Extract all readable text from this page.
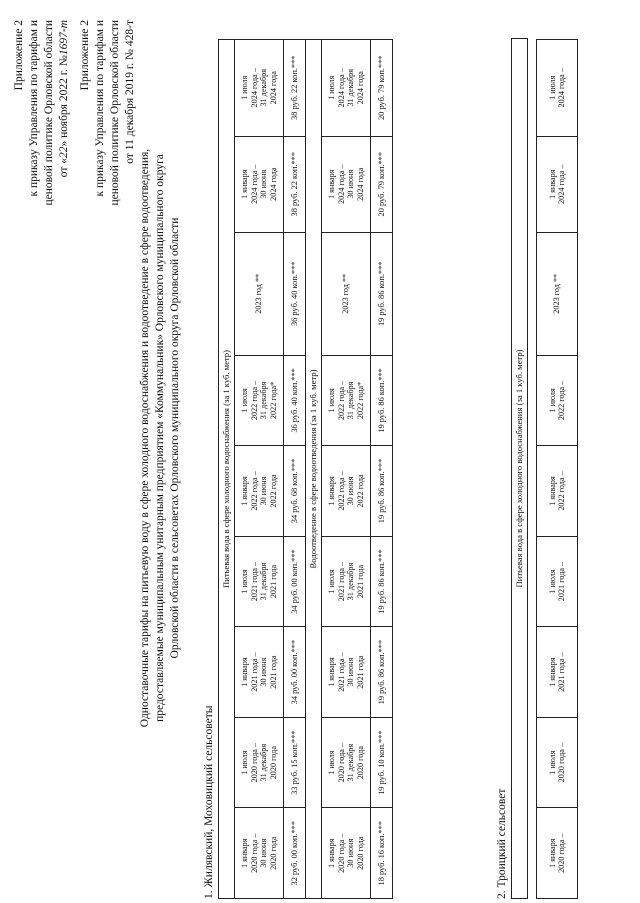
Приложение 2 к приказу Управления по тарифам и ценовой политике Орловской области от «22» ноября 2022 г. №1697-т Приложение 2 к приказу Управления по тарифам и ценовой политике Орловской области от 11 декабря 2019 г. № 428-т
Одноставочные тарифы на питьевую воду в сфере холодного водоснабжения и водоотведение в сфере водоотведения, предоставляемые муниципальным унитарным предприятием «Коммунальник» Орловского муниципального округа Орловской области в сельсоветах Орловского муниципального округа Орловской области
1. Жилявский, Моховицкий сельсоветы
Питьевая вода в сфере холодного водоснабжения (за 1 куб. метр)								
1 января
2020 года –
30 июня
2020 года	1 июля
2020 года –
31 декабря
2020 года	1 января
2021 года –
30 июня
2021 года	1 июля
2021 года –
31 декабря
2021 года	1 января
2022 года –
30 июня
2022 года	1 июля
2022 года –
31 декабря
2022 года*	2023 год **	1 января
2024 года –
30 июня
2024 года	1 июля
2024 года –
31 декабря
2024 года
32 руб. 00 коп.***	33 руб. 15 коп.***	34 руб. 00 коп.***	34 руб. 00 коп.***	34 руб. 68 коп.***	36 руб. 40 коп.***	36 руб. 40 коп.***	38 руб. 22 коп.***	38 руб. 22 коп.***
Водоотведение в сфере водоотведения (за 1 куб. метр)								
1 января
2020 года –
30 июня
2020 года	1 июля
2020 года –
31 декабря
2020 года	1 января
2021 года –
30 июня
2021 года	1 июля
2021 года –
31 декабря
2021 года	1 января
2022 года –
30 июня
2022 года	1 июля
2022 года –
31 декабря
2022 года*	2023 год **	1 января
2024 года –
30 июня
2024 года	1 июля
2024 года –
31 декабря
2024 года
18 руб. 16 коп.***	19 руб. 10 коп.***	19 руб. 86 коп.***	19 руб. 86 коп.***	19 руб. 86 коп.***	19 руб. 86 коп.***	19 руб. 86 коп.***	20 руб. 79 коп.***	20 руб. 79 коп.***
2. Троицкий сельсовет
Питьевая вода в сфере холодного водоснабжения (за 1 куб. метр)
1 января
2020 года –	1 июля
2020 года –	1 января
2021 года –	1 июля
2021 года –	1 января
2022 года –	1 июля
2022 года –	2023 год **	1 января
2024 года –	1 июля
2024 года –
